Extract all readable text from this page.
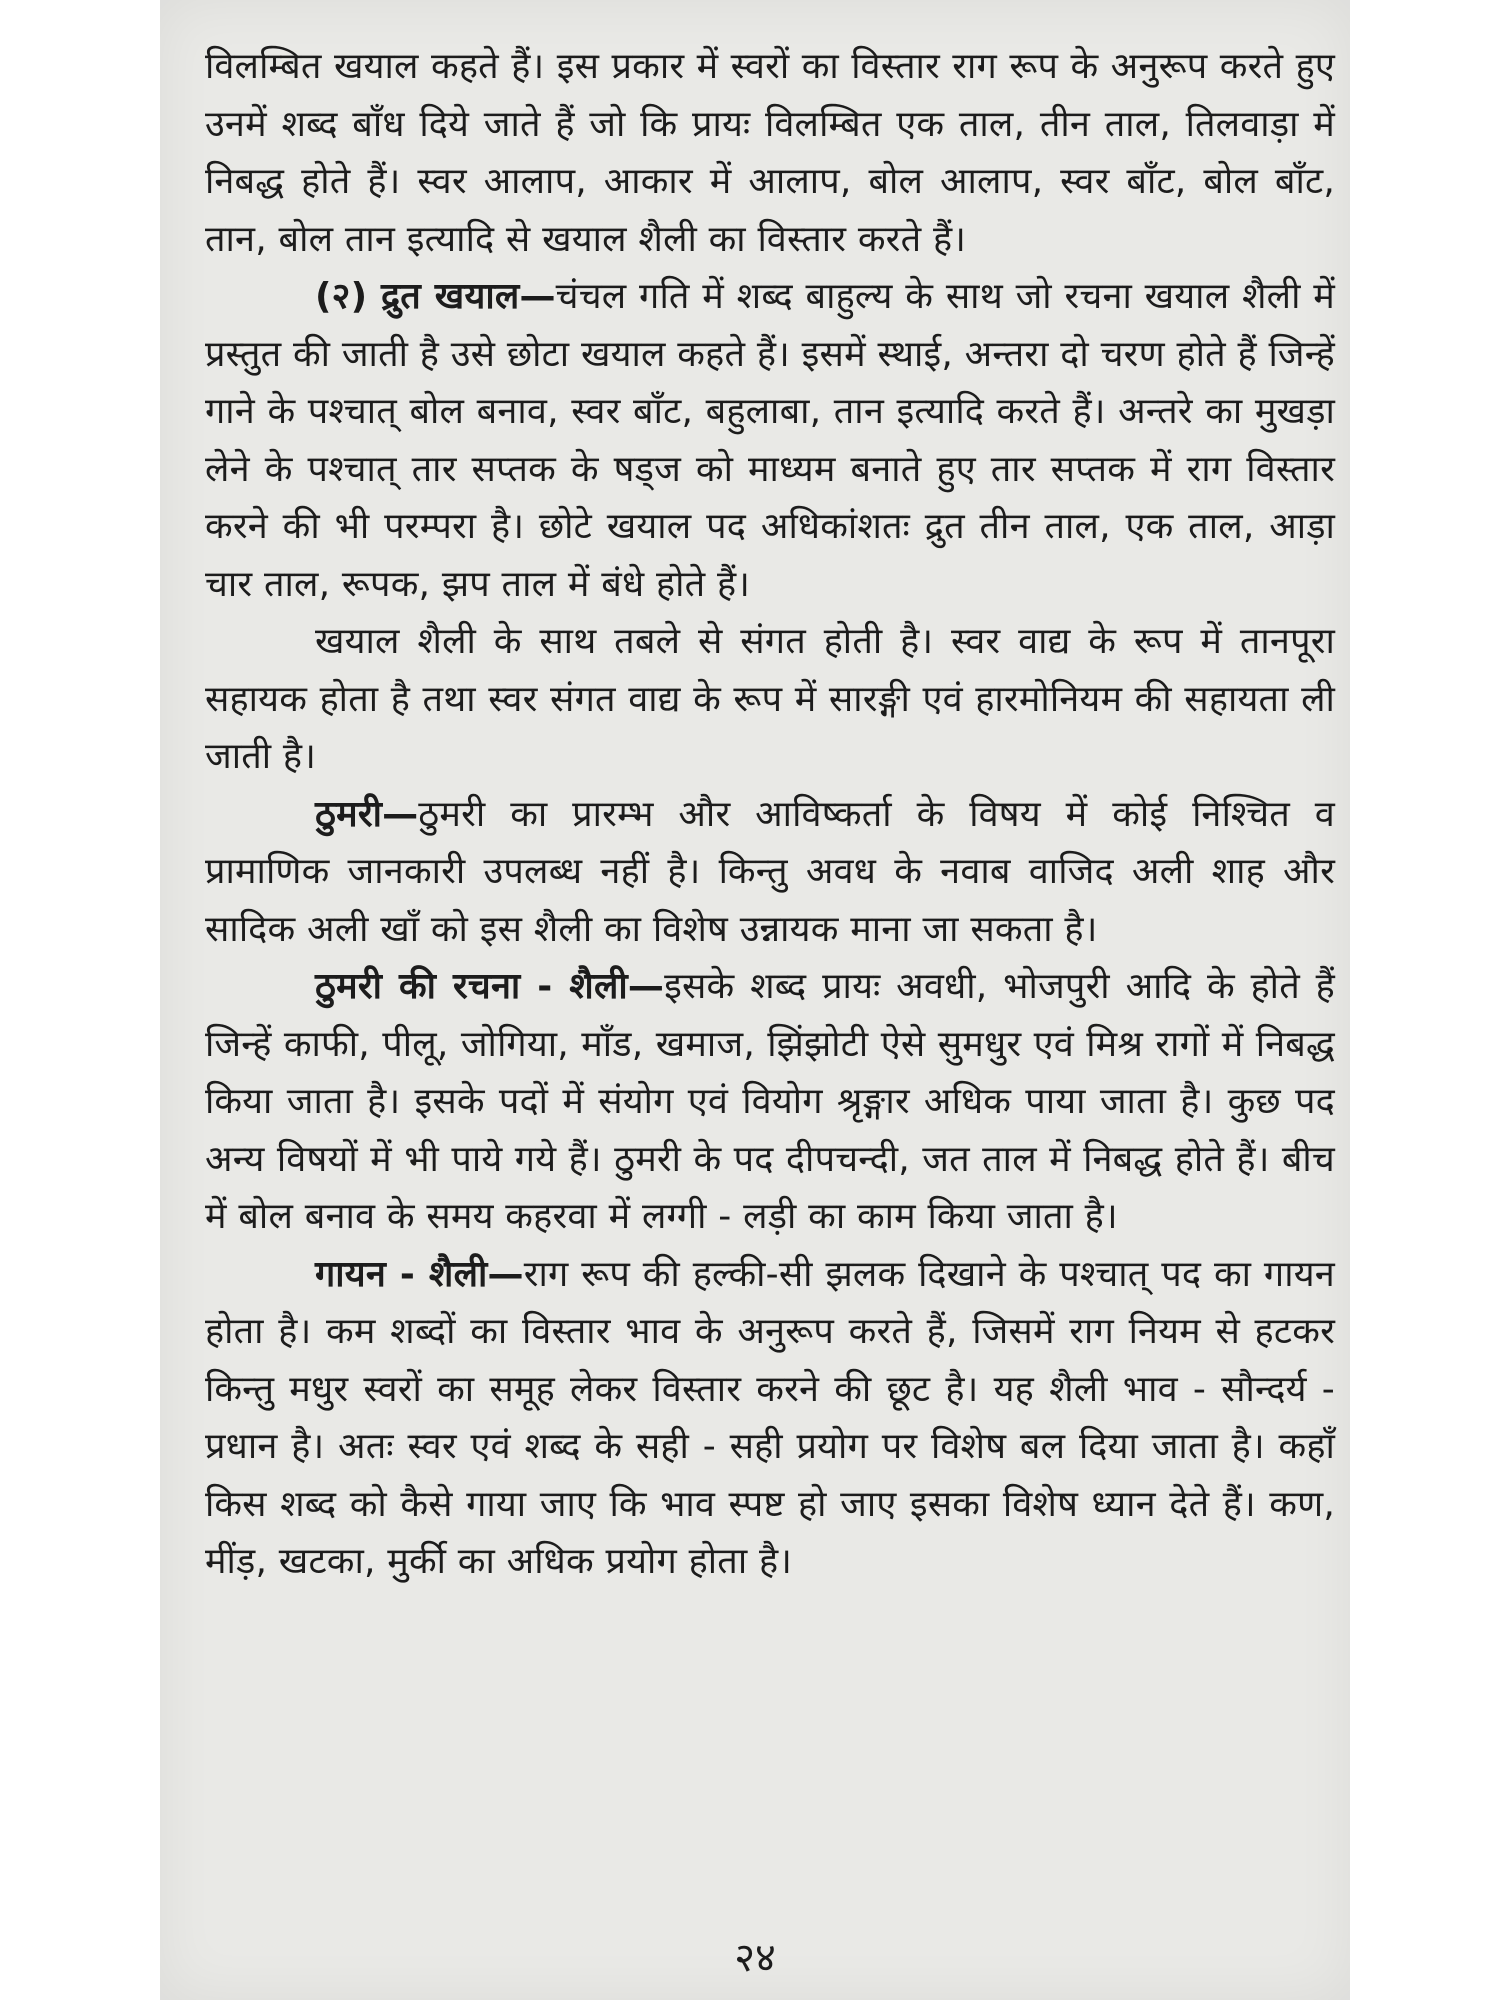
विलम्बित खयाल कहते हैं। इस प्रकार में स्वरों का विस्तार राग रूप के अनुरूप करते हुए उनमें शब्द बाँध दिये जाते हैं जो कि प्रायः विलम्बित एक ताल, तीन ताल, तिलवाड़ा में निबद्ध होते हैं। स्वर आलाप, आकार में आलाप, बोल आलाप, स्वर बाँट, बोल बाँट, तान, बोल तान इत्यादि से खयाल शैली का विस्तार करते हैं।

(२) द्रुत खयाल—चंचल गति में शब्द बाहुल्य के साथ जो रचना खयाल शैली में प्रस्तुत की जाती है उसे छोटा खयाल कहते हैं। इसमें स्थाई, अन्तरा दो चरण होते हैं जिन्हें गाने के पश्चात् बोल बनाव, स्वर बाँट, बहुलाबा, तान इत्यादि करते हैं। अन्तरे का मुखड़ा लेने के पश्चात् तार सप्तक के षड्ज को माध्यम बनाते हुए तार सप्तक में राग विस्तार करने की भी परम्परा है। छोटे खयाल पद अधिकांशतः द्रुत तीन ताल, एक ताल, आड़ा चार ताल, रूपक, झप ताल में बंधे होते हैं।

खयाल शैली के साथ तबले से संगत होती है। स्वर वाद्य के रूप में तानपूरा सहायक होता है तथा स्वर संगत वाद्य के रूप में सारङ्गी एवं हारमोनियम की सहायता ली जाती है।

ठुमरी—ठुमरी का प्रारम्भ और आविष्कर्ता के विषय में कोई निश्चित व प्रामाणिक जानकारी उपलब्ध नहीं है। किन्तु अवध के नवाब वाजिद अली शाह और सादिक अली खाँ को इस शैली का विशेष उन्नायक माना जा सकता है।

ठुमरी की रचना - शैली—इसके शब्द प्रायः अवधी, भोजपुरी आदि के होते हैं जिन्हें काफी, पीलू, जोगिया, माँड, खमाज, झिंझोटी ऐसे सुमधुर एवं मिश्र रागों में निबद्ध किया जाता है। इसके पदों में संयोग एवं वियोग श्रृङ्गार अधिक पाया जाता है। कुछ पद अन्य विषयों में भी पाये गये हैं। ठुमरी के पद दीपचन्दी, जत ताल में निबद्ध होते हैं। बीच में बोल बनाव के समय कहरवा में लग्गी - लड़ी का काम किया जाता है।

गायन - शैली—राग रूप की हल्की-सी झलक दिखाने के पश्चात् पद का गायन होता है। कम शब्दों का विस्तार भाव के अनुरूप करते हैं, जिसमें राग नियम से हटकर किन्तु मधुर स्वरों का समूह लेकर विस्तार करने की छूट है। यह शैली भाव - सौन्दर्य - प्रधान है। अतः स्वर एवं शब्द के सही - सही प्रयोग पर विशेष बल दिया जाता है। कहाँ किस शब्द को कैसे गाया जाए कि भाव स्पष्ट हो जाए इसका विशेष ध्यान देते हैं। कण, मींड़, खटका, मुर्की का अधिक प्रयोग होता है।

२४
